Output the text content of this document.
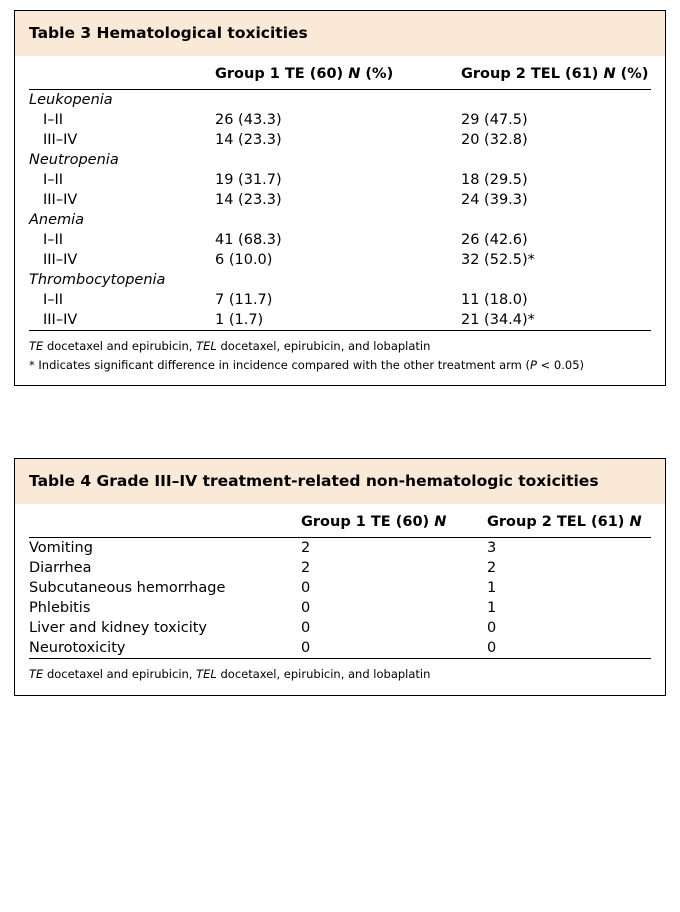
Table 3 Hematological toxicities
	Group 1 TE (60) N (%)	Group 2 TEL (61) N (%)
Leukopenia		
I–II	26 (43.3)	29 (47.5)
III–IV	14 (23.3)	20 (32.8)
Neutropenia		
I–II	19 (31.7)	18 (29.5)
III–IV	14 (23.3)	24 (39.3)
Anemia		
I–II	41 (68.3)	26 (42.6)
III–IV	6 (10.0)	32 (52.5)*
Thrombocytopenia		
I–II	7 (11.7)	11 (18.0)
III–IV	1 (1.7)	21 (34.4)*
TE docetaxel and epirubicin, TEL docetaxel, epirubicin, and lobaplatin
* Indicates significant difference in incidence compared with the other treatment arm (P < 0.05)
Table 4 Grade III–IV treatment-related non-hematologic toxicities
	Group 1 TE (60) N	Group 2 TEL (61) N
Vomiting	2	3
Diarrhea	2	2
Subcutaneous hemorrhage	0	1
Phlebitis	0	1
Liver and kidney toxicity	0	0
Neurotoxicity	0	0
TE docetaxel and epirubicin, TEL docetaxel, epirubicin, and lobaplatin
